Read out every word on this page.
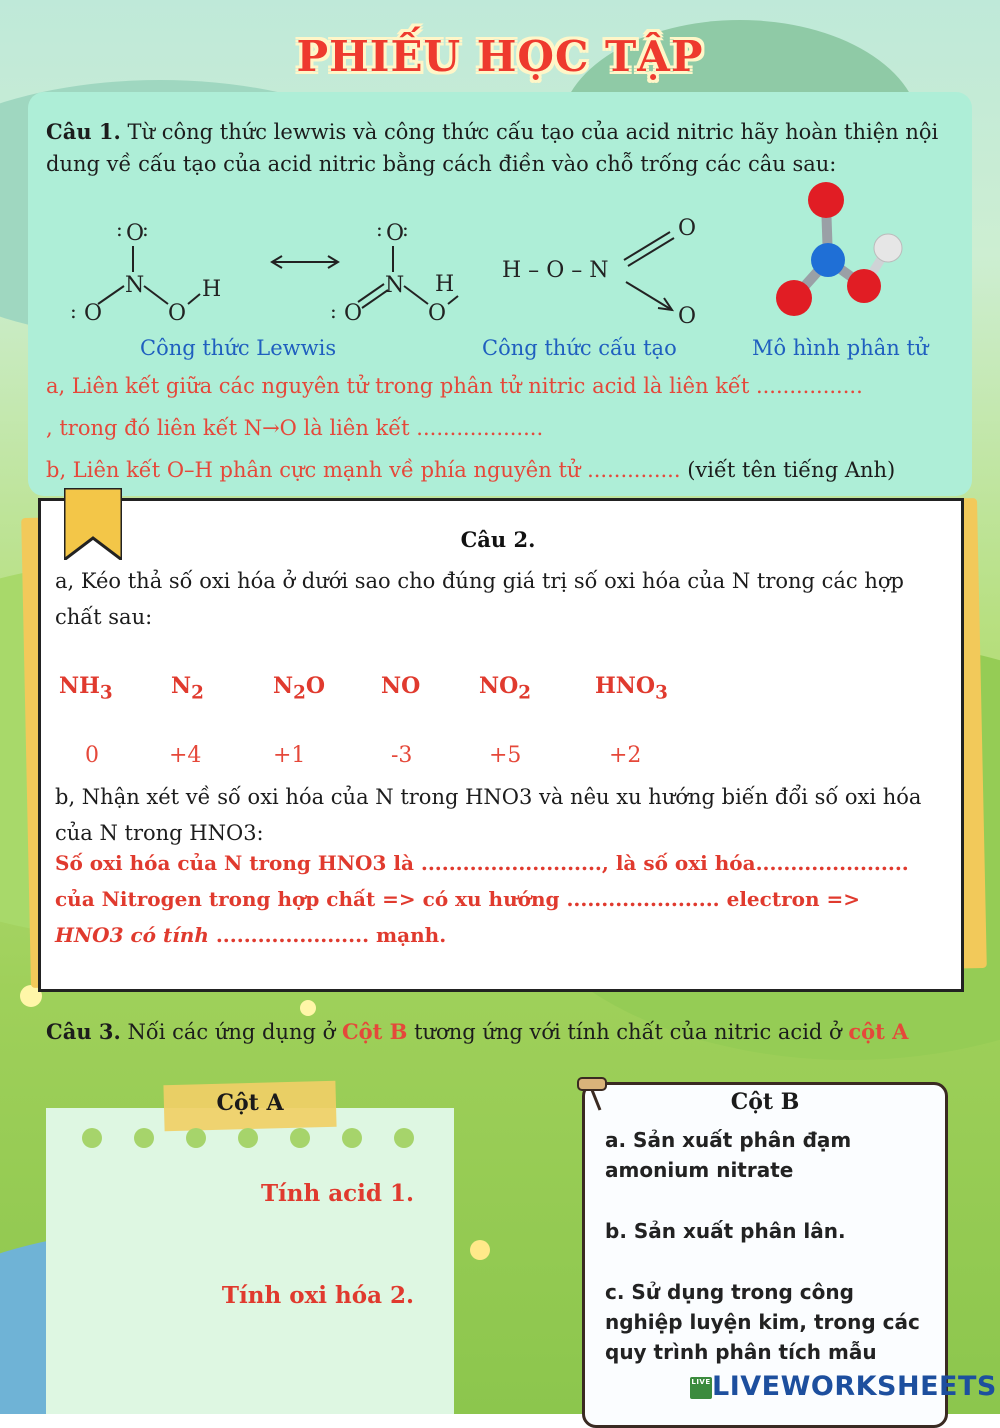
PHIẾU HỌC TẬP
Câu 1. Từ công thức lewwis và công thức cấu tạo của acid nitric hãy hoàn thiện nội dung về cấu tạo của acid nitric bằng cách điền vào chỗ trống các câu sau:
O
: :
N
O
:	O
H
O
: :
N
O
:	O
H
H – O – N
O
O
Công thức Lewwis	Công thức cấu tạo	Mô hình phân tử
a, Liên kết giữa các nguyên tử trong phân tử nitric acid là liên kết ................
, trong đó liên kết N→O là liên kết ...................
b, Liên kết O–H phân cực mạnh về phía nguyên tử .............. (viết tên tiếng Anh)
Câu 2.
a, Kéo thả số oxi hóa ở dưới sao cho đúng giá trị số oxi hóa của N trong các hợp chất sau:
$NH_3$	$N_2$	$N_2O$	NO	$NO_2$	$HNO_3$
0	+4	+1	-3	+5	+2
b, Nhận xét về số oxi hóa của N trong HNO3 và nêu xu hướng biến đổi số oxi hóa của N trong HNO3:
Số oxi hóa của N trong HNO3 là .........................., là số oxi hóa......................
của Nitrogen trong hợp chất => có xu hướng ...................... electron =>
HNO3 có tính ...................... mạnh.
Câu 3. Nối các ứng dụng ở Cột B tương ứng với tính chất của nitric acid ở cột A
Cột A
Tính acid 1.
Tính oxi hóa 2.
Cột B
a. Sản xuất phân đạm amonium nitrate
b. Sản xuất phân lân.
c. Sử dụng trong công nghiệp luyện kim, trong các quy trình phân tích mẫu
LIVELIVEWORKSHEETS
